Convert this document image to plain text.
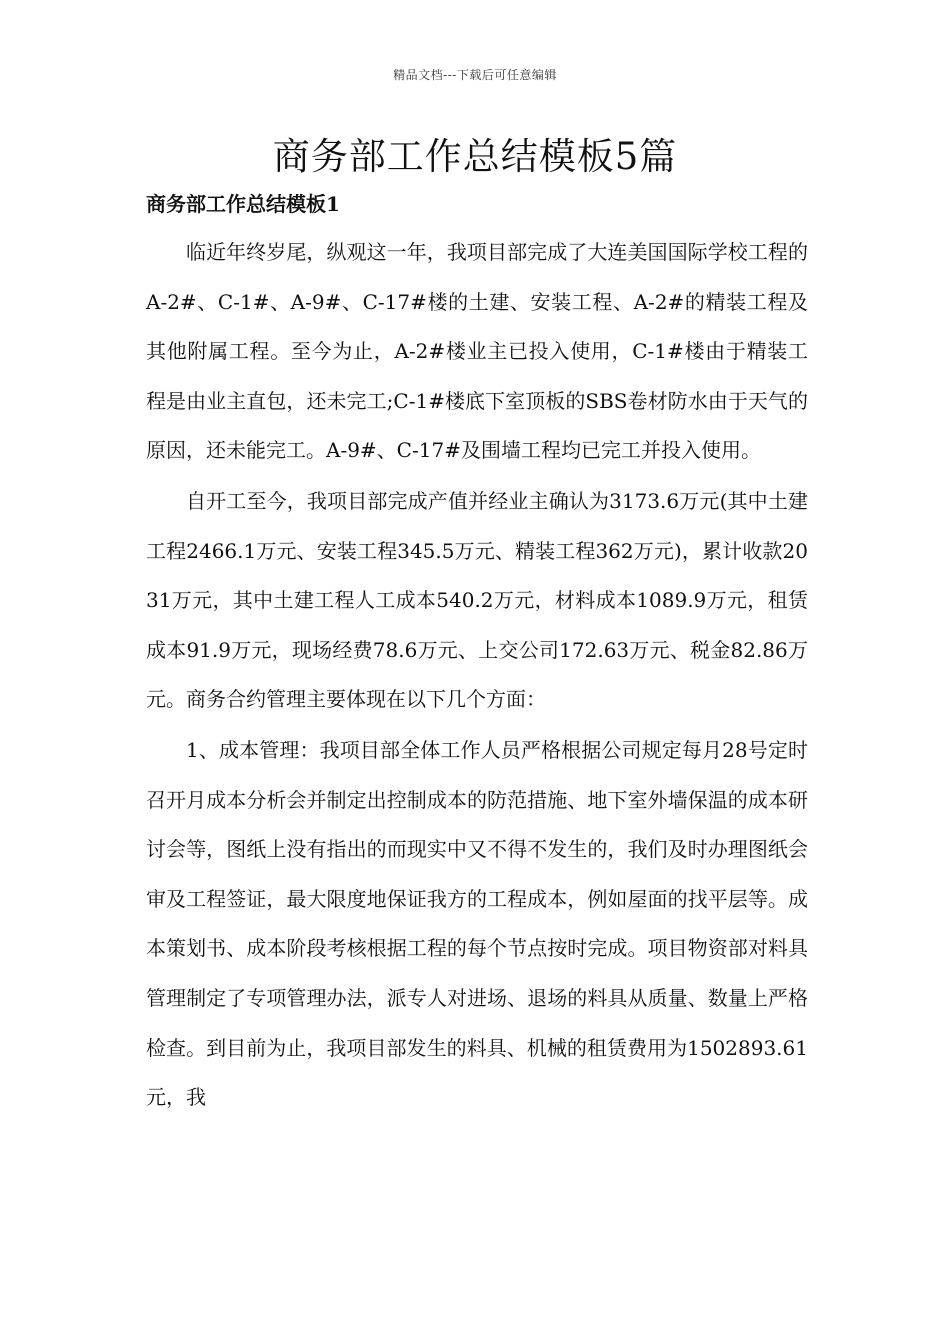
精品文档---下载后可任意编辑
商务部工作总结模板5篇
商务部工作总结模板1

临近年终岁尾，纵观这一年，我项目部完成了大连美国国际学校工程的A-2#、C-1#、A-9#、C-17#楼的土建、安装工程、A-2#的精装工程及其他附属工程。至今为止，A-2#楼业主已投入使用，C-1#楼由于精装工程是由业主直包，还未完工;C-1#楼底下室顶板的SBS卷材防水由于天气的原因，还未能完工。A-9#、C-17#及围墙工程均已完工并投入使用。

自开工至今，我项目部完成产值并经业主确认为3173.6万元(其中土建工程2466.1万元、安装工程345.5万元、精装工程362万元)，累计收款2031万元，其中土建工程人工成本540.2万元，材料成本1089.9万元，租赁成本91.9万元，现场经费78.6万元、上交公司172.63万元、税金82.86万元。商务合约管理主要体现在以下几个方面：

1、成本管理：我项目部全体工作人员严格根据公司规定每月28号定时召开月成本分析会并制定出控制成本的防范措施、地下室外墙保温的成本研讨会等，图纸上没有指出的而现实中又不得不发生的，我们及时办理图纸会审及工程签证，最大限度地保证我方的工程成本，例如屋面的找平层等。成本策划书、成本阶段考核根据工程的每个节点按时完成。项目物资部对料具管理制定了专项管理办法，派专人对进场、退场的料具从质量、数量上严格检查。到目前为止，我项目部发生的料具、机械的租赁费用为1502893.61元，我
